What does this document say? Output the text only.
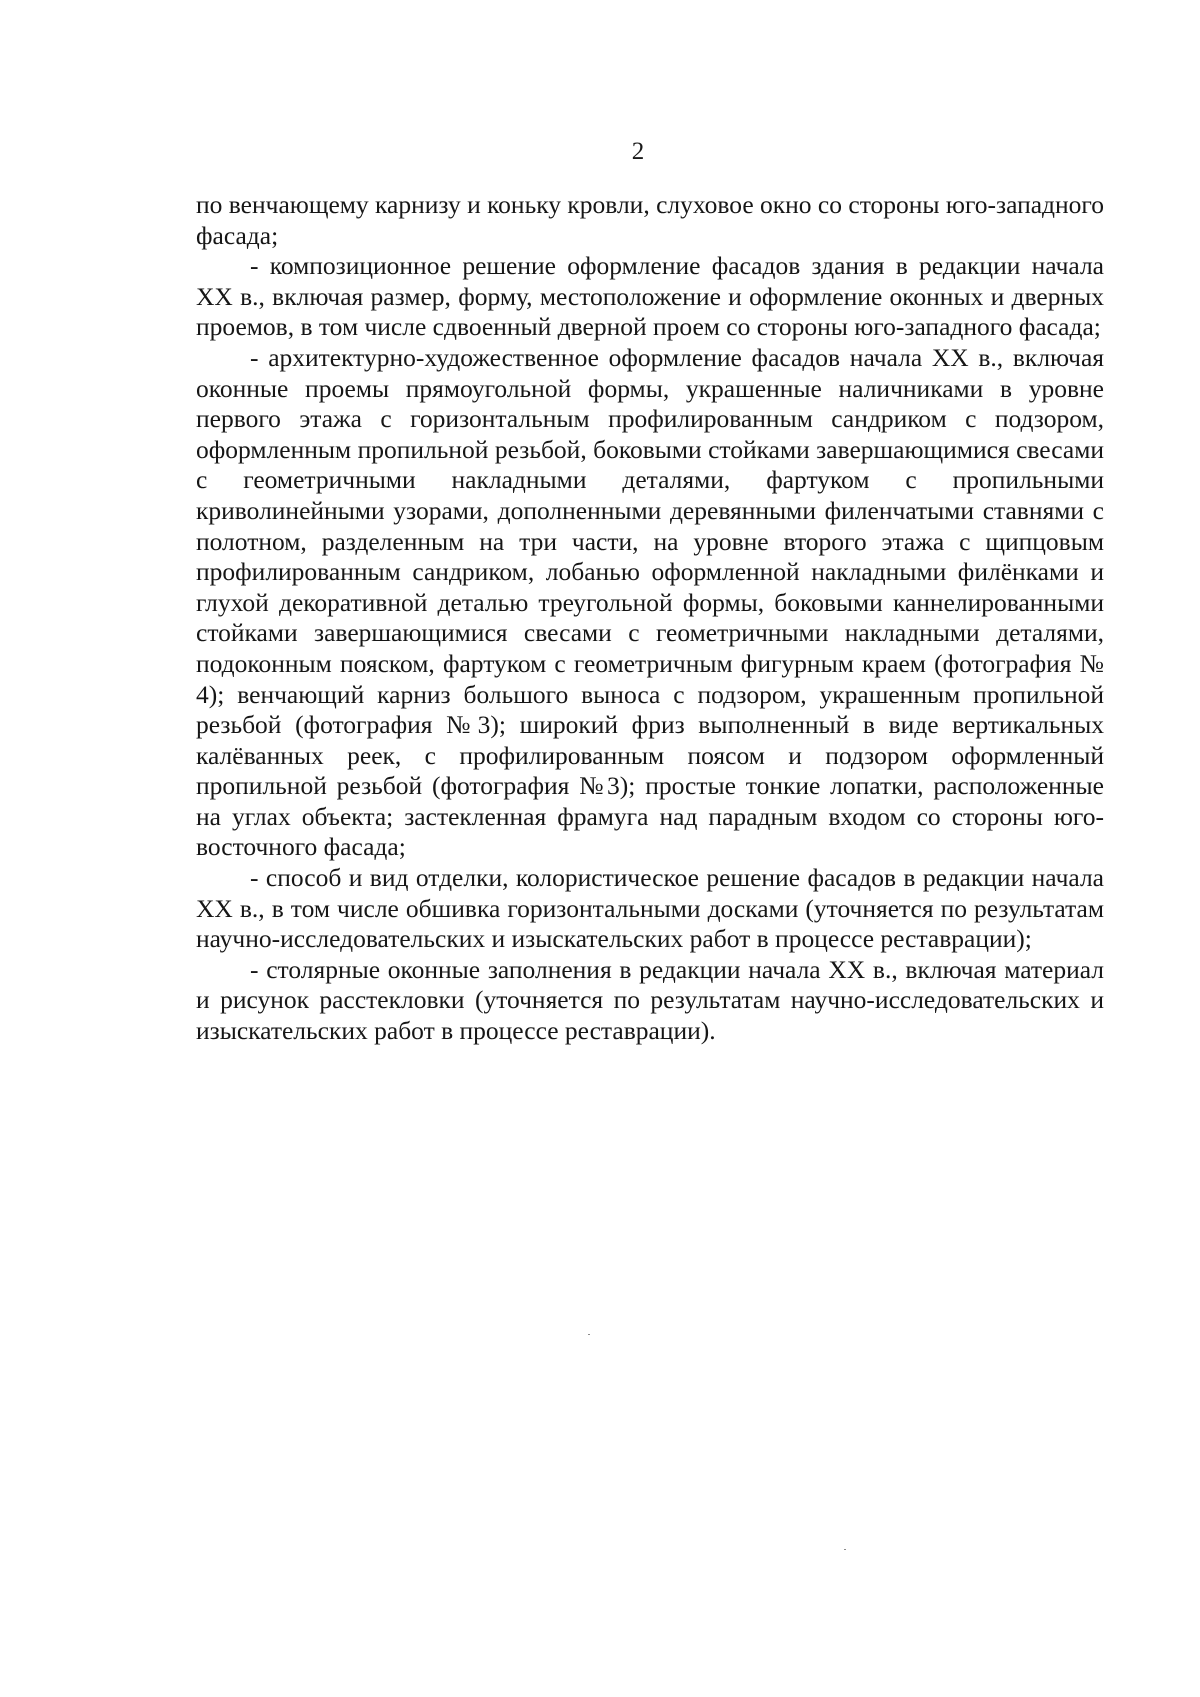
2

по венчающему карнизу и коньку кровли, слуховое окно со стороны юго-западного фасада;

- композиционное решение оформление фасадов здания в редакции начала XX в., включая размер, форму, местоположение и оформление оконных и дверных проемов, в том числе сдвоенный дверной проем со стороны юго-западного фасада;

- архитектурно-художественное оформление фасадов начала XX в., включая оконные проемы прямоугольной формы, украшенные наличниками в уровне первого этажа с горизонтальным профилированным сандриком с подзором, оформленным пропильной резьбой, боковыми стойками завершающимися свесами с геометричными накладными деталями, фартуком с пропильными криволинейными узорами, дополненными деревянными филенчатыми ставнями с полотном, разделенным на три части, на уровне второго этажа с щипцовым профилированным сандриком, лобанью оформленной накладными филёнками и глухой декоративной деталью треугольной формы, боковыми каннелированными стойками завершающимися свесами с геометричными накладными деталями, подоконным пояском, фартуком с геометричным фигурным краем (фотография № 4); венчающий карниз большого выноса с подзором, украшенным пропильной резьбой (фотография №3); широкий фриз выполненный в виде вертикальных калёванных реек, с профилированным поясом и подзором оформленный пропильной резьбой (фотография №3); простые тонкие лопатки, расположенные на углах объекта; застекленная фрамуга над парадным входом со стороны юго-восточного фасада;

- способ и вид отделки, колористическое решение фасадов в редакции начала XX в., в том числе обшивка горизонтальными досками (уточняется по результатам научно-исследовательских и изыскательских работ в процессе реставрации);

- столярные оконные заполнения в редакции начала XX в., включая материал и рисунок расстекловки (уточняется по результатам научно-исследовательских и изыскательских работ в процессе реставрации).
